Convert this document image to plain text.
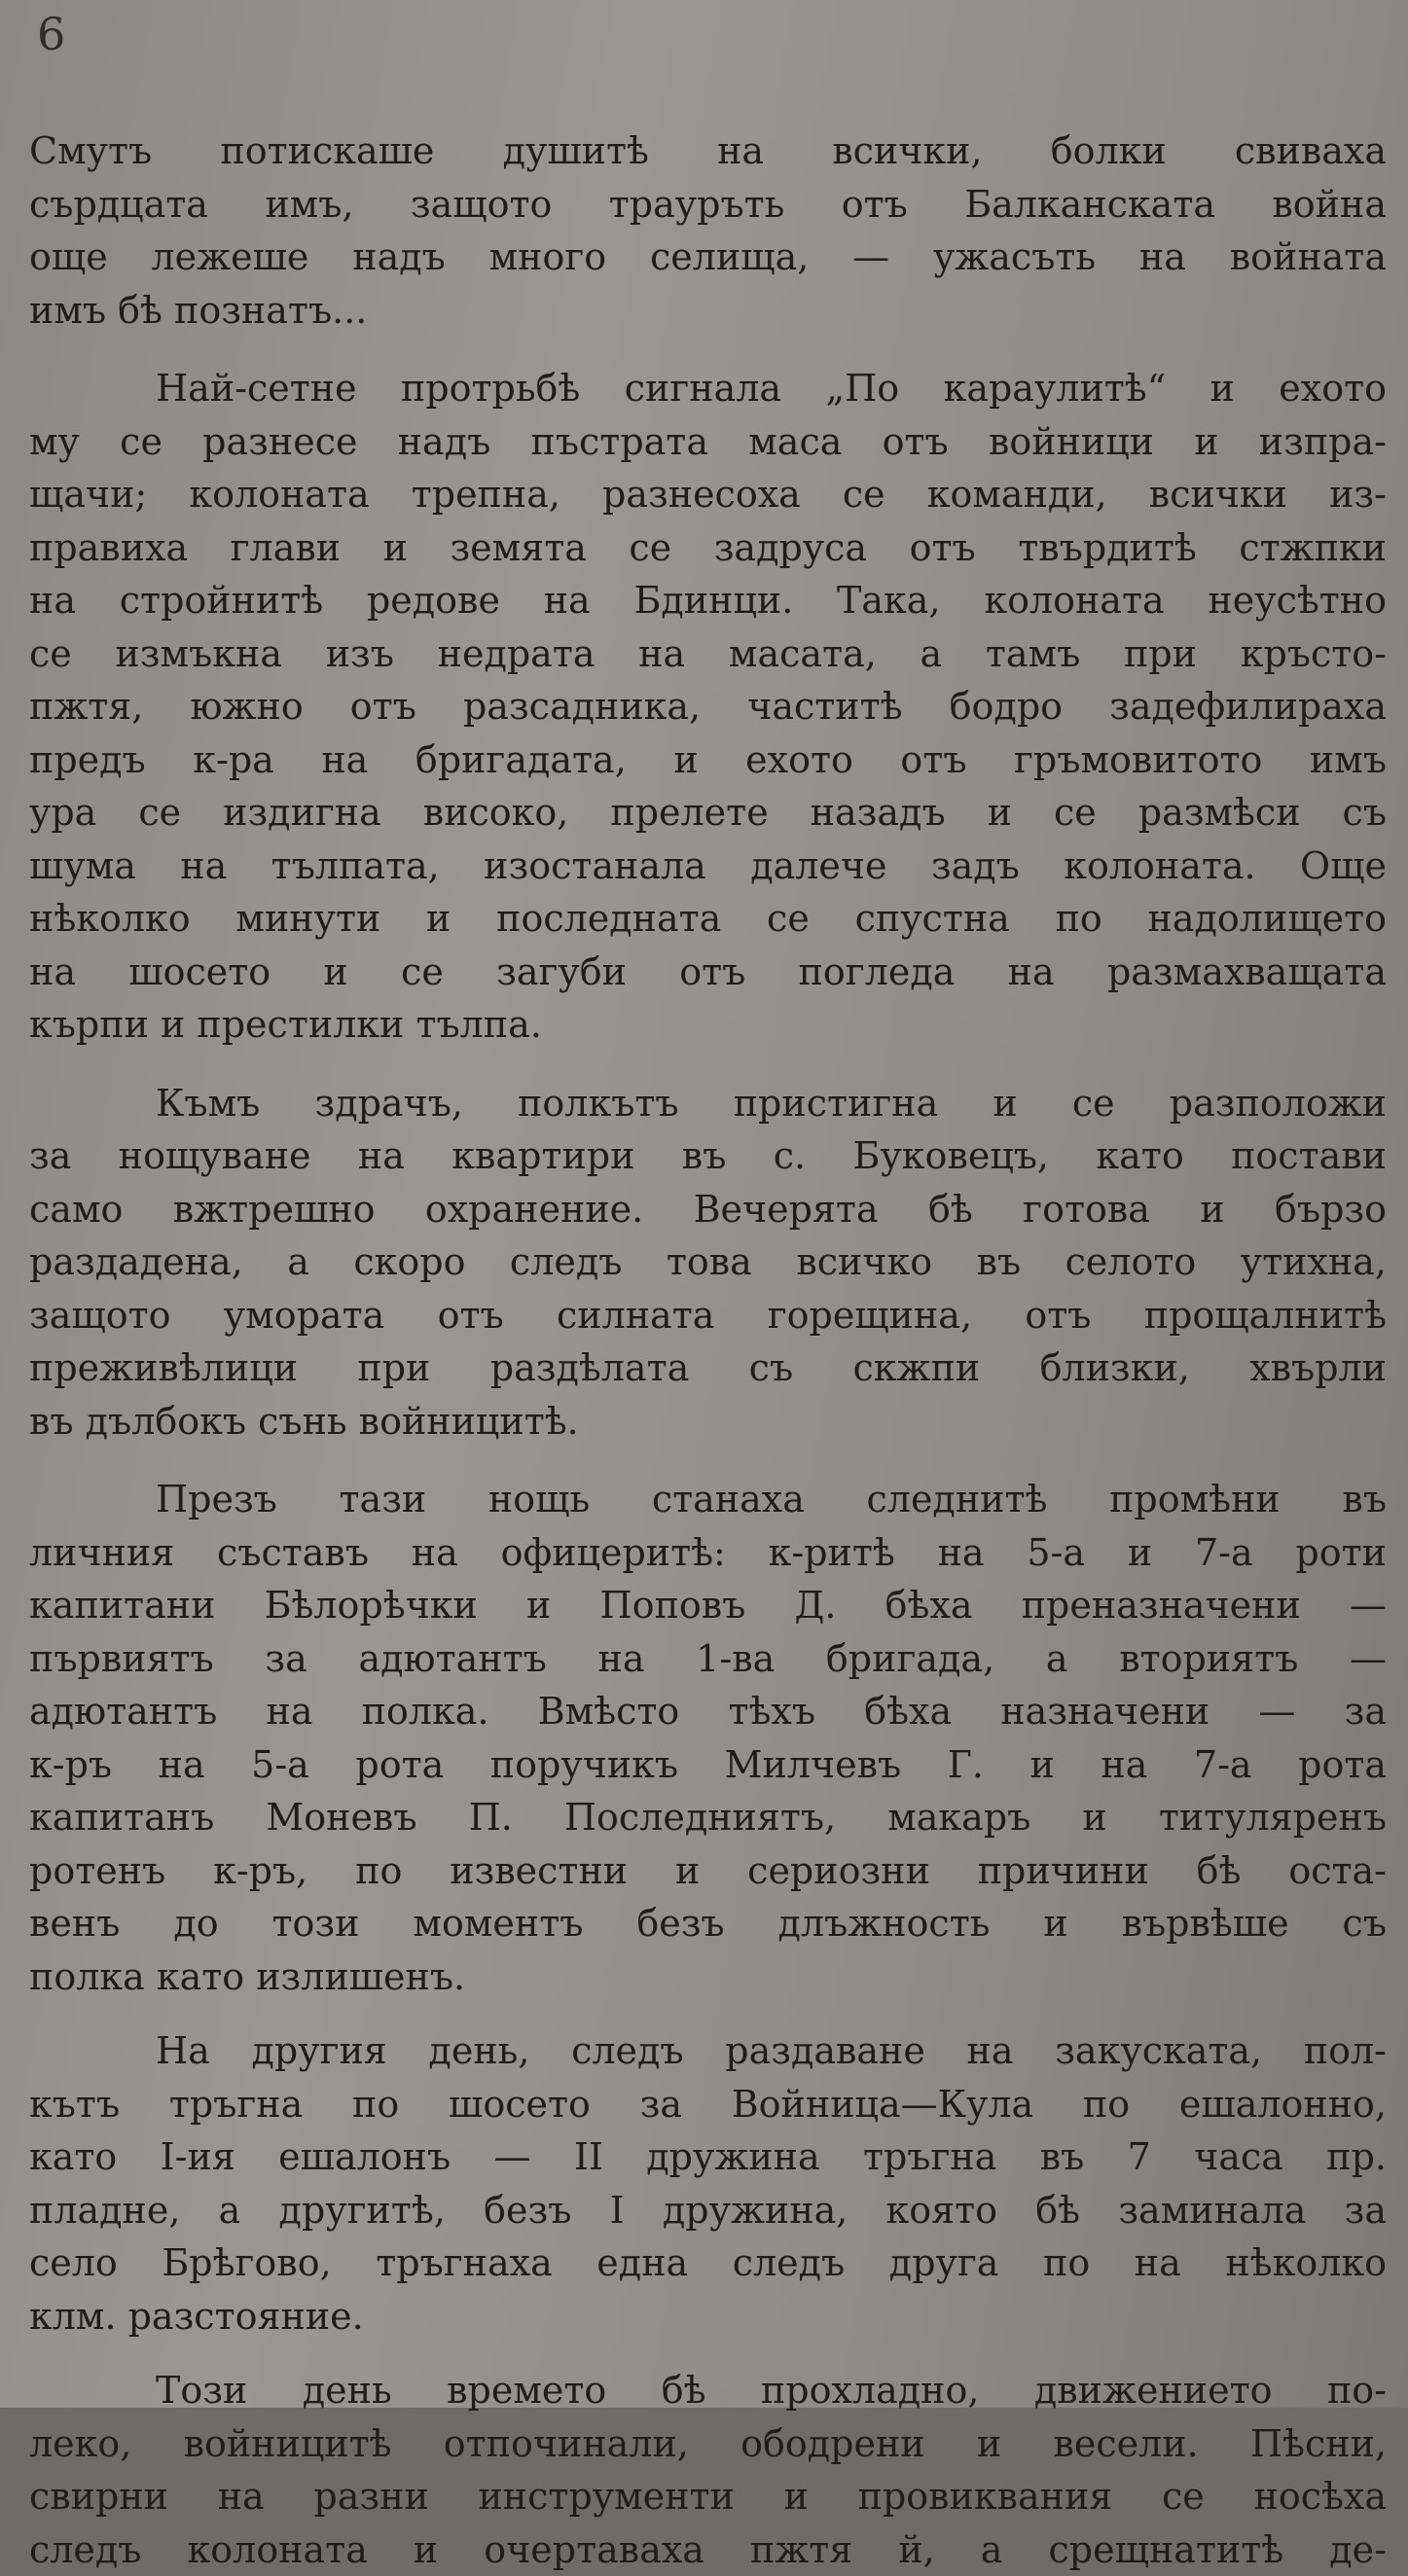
6
Смутъ потискаше душитѣ на всички, болки свиваха
сърдцата имъ, защото трауръть отъ Балканската война
още лежеше надъ много селища, — ужасъть на войната
имъ бѣ познатъ...
Най-сетне протрьбѣ сигнала „По караулитѣ“ и ехото
му се разнесе надъ пъстрата маса отъ войници и изпра-
щачи; колоната трепна, разнесоха се команди, всички из-
правиха глави и земята се задруса отъ твърдитѣ стжпки
на стройнитѣ редове на Бдинци. Така, колоната неусѣтно
се измъкна изъ недрата на масата, а тамъ при кръсто-
пжтя, южно отъ разсадника, частитѣ бодро задефилираха
предъ к-ра на бригадата, и ехото отъ гръмовитото имъ
ура се издигна високо, прелете назадъ и се размѣси съ
шума на тълпата, изостанала далече задъ колоната. Още
нѣколко минути и последната се спустна по надолището
на шосето и се загуби отъ погледа на размахващата
кърпи и престилки тълпа.
Къмъ здрачъ, полкътъ пристигна и се разположи
за нощуване на квартири въ с. Буковецъ, като постави
само вжтрешно охранение. Вечерята бѣ готова и бързо
раздадена, а скоро следъ това всичко въ селото утихна,
защото умората отъ силната горещина, отъ прощалнитѣ
преживѣлици при раздѣлата съ скжпи близки, хвърли
въ дълбокъ сънь войницитѣ.
Презъ тази нощь станаха следнитѣ промѣни въ
личния съставъ на офицеритѣ: к-ритѣ на 5-а и 7-а роти
капитани Бѣлорѣчки и Поповъ Д. бѣха преназначени —
първиятъ за адютантъ на 1-ва бригада, а вториятъ —
адютантъ на полка. Вмѣсто тѣхъ бѣха назначени — за
к-ръ на 5-а рота поручикъ Милчевъ Г. и на 7-а рота
капитанъ Моневъ П. Последниятъ, макаръ и титуляренъ
ротенъ к-ръ, по известни и сериозни причини бѣ оста-
венъ до този моментъ безъ длъжность и вървѣше съ
полка като излишенъ.
На другия день, следъ раздаване на закуската, пол-
кътъ тръгна по шосето за Войница—Кула по ешалонно,
като I-ия ешалонъ — II дружина тръгна въ 7 часа пр.
пладне, а другитѣ, безъ I дружина, която бѣ заминала за
село Брѣгово, тръгнаха една следъ друга по на нѣколко
клм. разстояние.
Този день времето бѣ прохладно, движението по-
леко, войницитѣ отпочинали, ободрени и весели. Пѣсни,
свирни на разни инструменти и провиквания се носѣха
следъ колоната и очертаваха пжтя й, а срещнатитѣ де-
